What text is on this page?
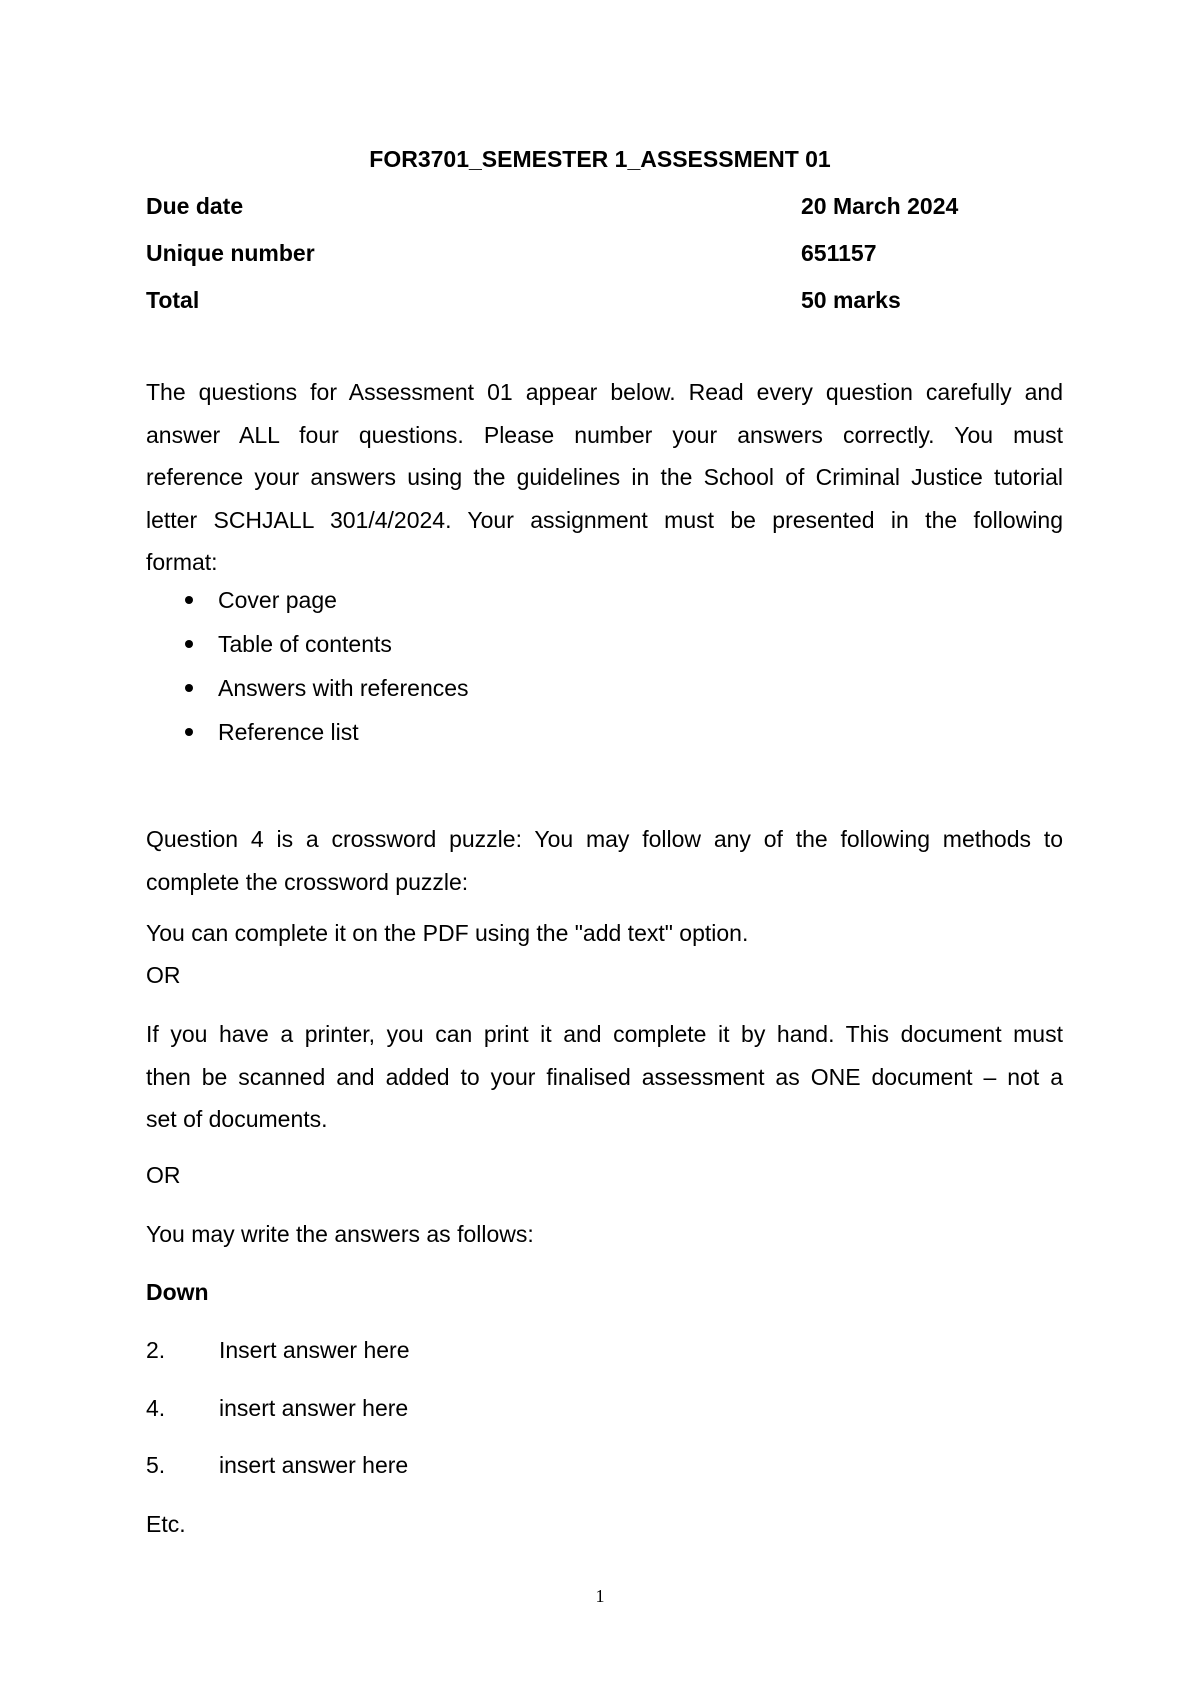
FOR3701_SEMESTER 1_ASSESSMENT 01
Due date	20 March 2024
Unique number	651157
Total	50 marks
The questions for Assessment 01 appear below. Read every question carefully and
answer ALL four questions. Please number your answers correctly. You must
reference your answers using the guidelines in the School of Criminal Justice tutorial
letter SCHJALL 301/4/2024. Your assignment must be presented in the following
format:
Cover page
Table of contents
Answers with references
Reference list
Question 4 is a crossword puzzle: You may follow any of the following methods to
complete the crossword puzzle:
You can complete it on the PDF using the "add text" option.
OR
If you have a printer, you can print it and complete it by hand. This document must
then be scanned and added to your finalised assessment as ONE document – not a
set of documents.
OR
You may write the answers as follows:
Down
2. Insert answer here
4. insert answer here
5. insert answer here
Etc.
1
